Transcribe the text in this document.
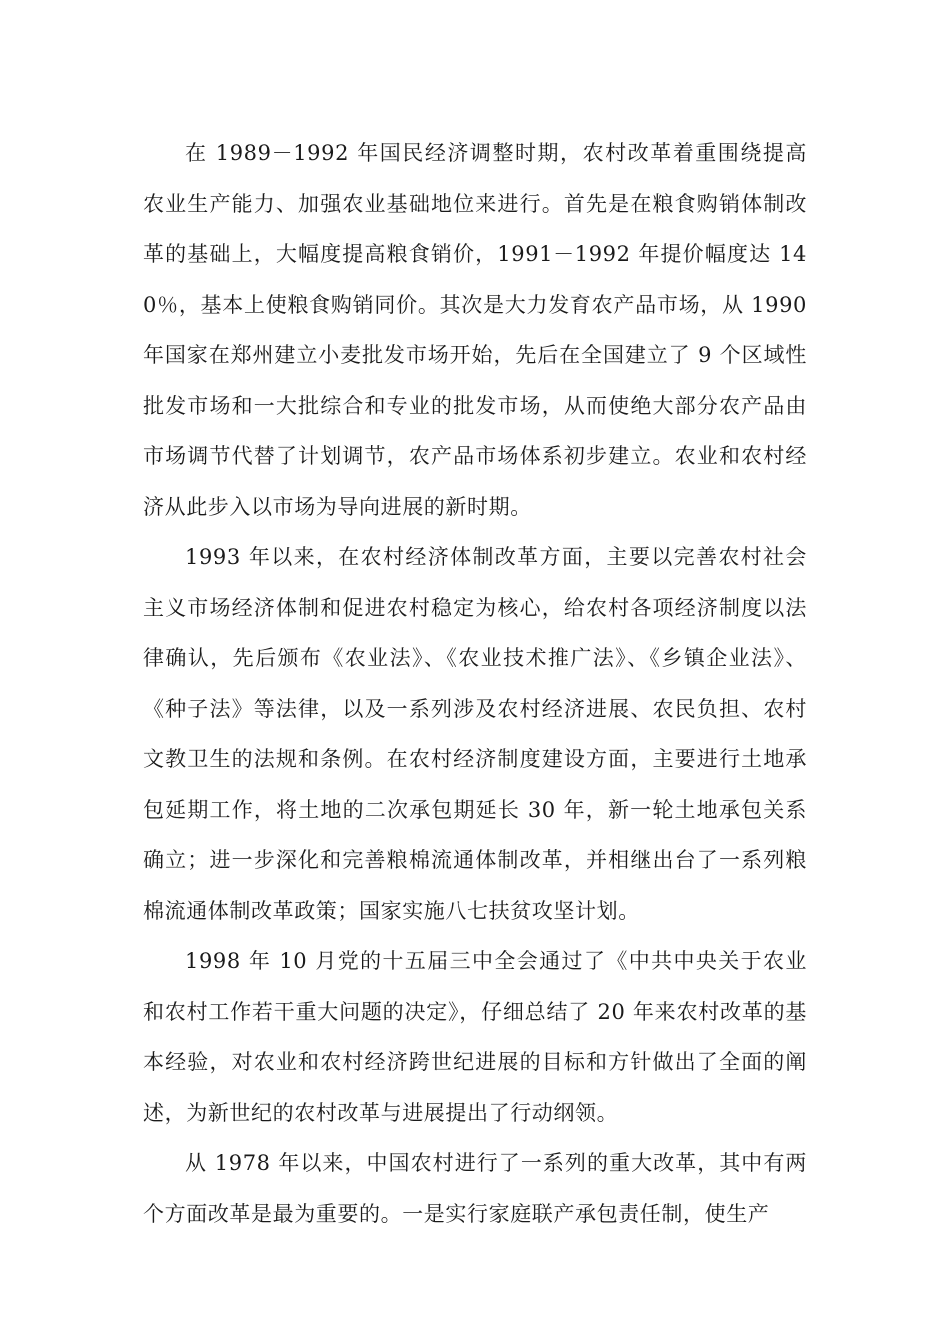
在 1989－1992 年国民经济调整时期，农村改革着重围绕提高农业生产能力、加强农业基础地位来进行。首先是在粮食购销体制改革的基础上，大幅度提高粮食销价，1991－1992 年提价幅度达 140％，基本上使粮食购销同价。其次是大力发育农产品市场，从 1990 年国家在郑州建立小麦批发市场开始，先后在全国建立了 9 个区域性批发市场和一大批综合和专业的批发市场，从而使绝大部分农产品由市场调节代替了计划调节，农产品市场体系初步建立。农业和农村经济从此步入以市场为导向进展的新时期。

1993 年以来，在农村经济体制改革方面，主要以完善农村社会主义市场经济体制和促进农村稳定为核心，给农村各项经济制度以法律确认，先后颁布《农业法》、《农业技术推广法》、《乡镇企业法》、《种子法》等法律，以及一系列涉及农村经济进展、农民负担、农村文教卫生的法规和条例。在农村经济制度建设方面，主要进行土地承包延期工作，将土地的二次承包期延长 30 年，新一轮土地承包关系确立；进一步深化和完善粮棉流通体制改革，并相继出台了一系列粮棉流通体制改革政策；国家实施八七扶贫攻坚计划。

1998 年 10 月党的十五届三中全会通过了《中共中央关于农业和农村工作若干重大问题的决定》，仔细总结了 20 年来农村改革的基本经验，对农业和农村经济跨世纪进展的目标和方针做出了全面的阐述，为新世纪的农村改革与进展提出了行动纲领。

从 1978 年以来，中国农村进行了一系列的重大改革，其中有两个方面改革是最为重要的。一是实行家庭联产承包责任制，使生产
